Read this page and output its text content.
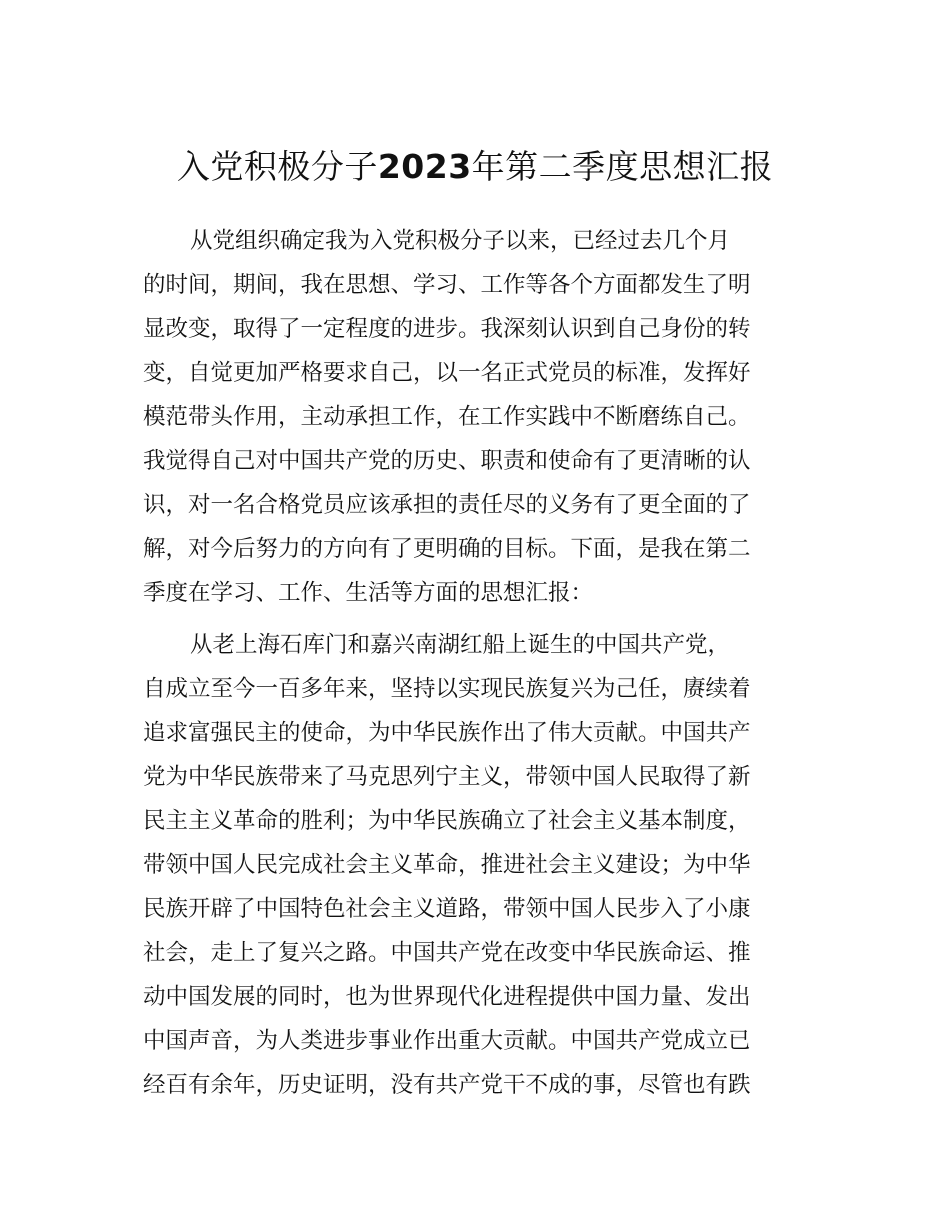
入党积极分子2023年第二季度思想汇报
从党组织确定我为入党积极分子以来，已经过去几个月
的时间，期间，我在思想、学习、工作等各个方面都发生了明
显改变，取得了一定程度的进步。我深刻认识到自己身份的转
变，自觉更加严格要求自己，以一名正式党员的标准，发挥好
模范带头作用，主动承担工作，在工作实践中不断磨练自己。
我觉得自己对中国共产党的历史、职责和使命有了更清晰的认
识，对一名合格党员应该承担的责任尽的义务有了更全面的了
解，对今后努力的方向有了更明确的目标。下面，是我在第二
季度在学习、工作、生活等方面的思想汇报：
从老上海石库门和嘉兴南湖红船上诞生的中国共产党，
自成立至今一百多年来，坚持以实现民族复兴为己任，赓续着
追求富强民主的使命，为中华民族作出了伟大贡献。中国共产
党为中华民族带来了马克思列宁主义，带领中国人民取得了新
民主主义革命的胜利；为中华民族确立了社会主义基本制度，
带领中国人民完成社会主义革命，推进社会主义建设；为中华
民族开辟了中国特色社会主义道路，带领中国人民步入了小康
社会，走上了复兴之路。中国共产党在改变中华民族命运、推
动中国发展的同时，也为世界现代化进程提供中国力量、发出
中国声音，为人类进步事业作出重大贡献。中国共产党成立已
经百有余年，历史证明，没有共产党干不成的事，尽管也有跌
